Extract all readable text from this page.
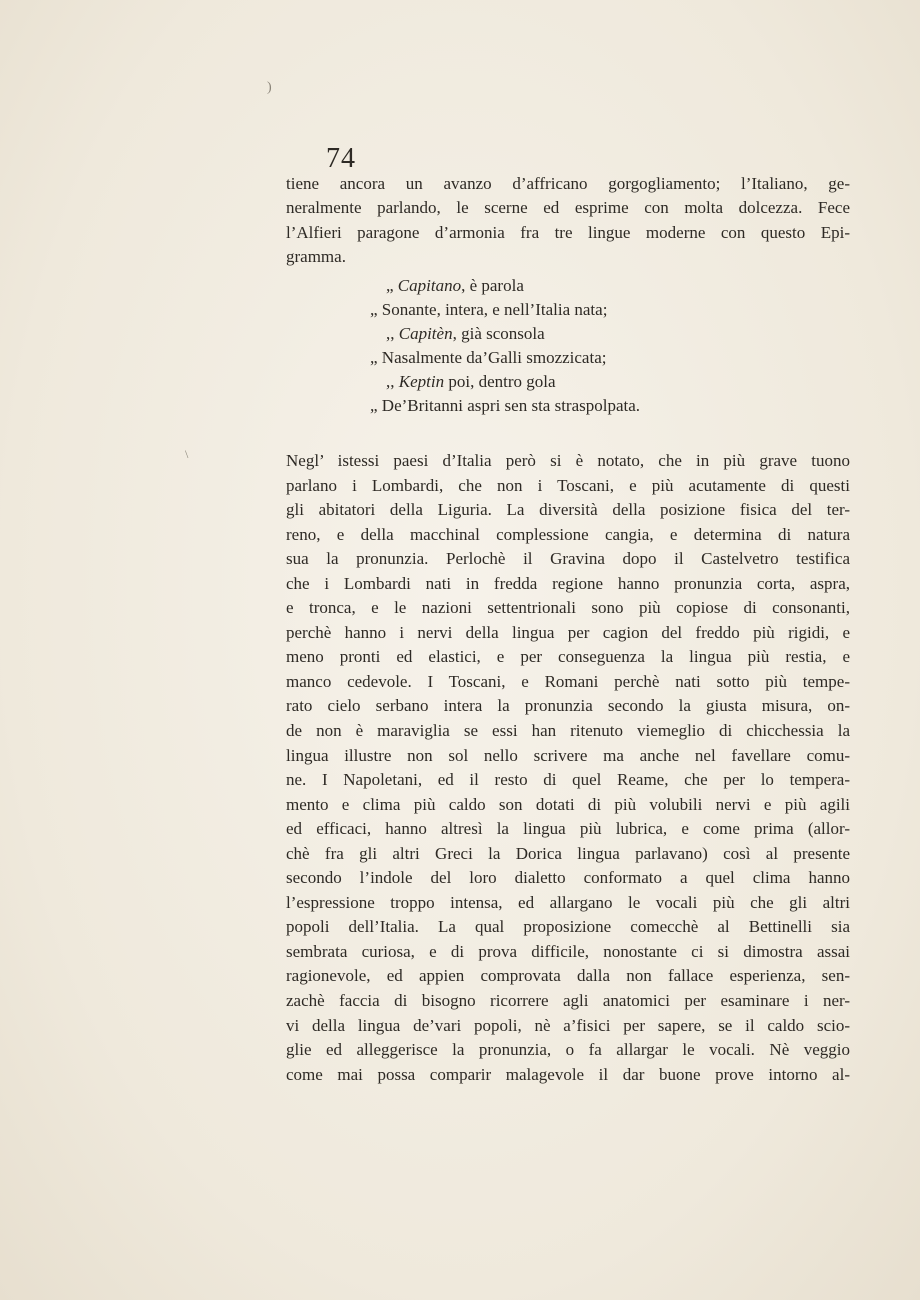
)
\
74
tiene ancora un avanzo d’affricano gorgogliamento; l’Italiano, ge-
neralmente parlando, le scerne ed esprime con molta dolcezza. Fece
l’Alfieri paragone d’armonia fra tre lingue moderne con questo Epi-
gramma.
„ Capitano, è parola
„ Sonante, intera, e nell’Italia nata;
,, Capitèn, già sconsola
„ Nasalmente da’Galli smozzicata;
,, Keptin poi, dentro gola
„ De’Britanni aspri sen sta straspolpata.
Negl’ istessi paesi d’Italia però si è notato, che in più grave tuono
parlano i Lombardi, che non i Toscani, e più acutamente di questi
gli abitatori della Liguria. La diversità della posizione fisica del ter-
reno, e della macchinal complessione cangia, e determina di natura
sua la pronunzia. Perlochè il Gravina dopo il Castelvetro testifica
che i Lombardi nati in fredda regione hanno pronunzia corta, aspra,
e tronca, e le nazioni settentrionali sono più copiose di consonanti,
perchè hanno i nervi della lingua per cagion del freddo più rigidi, e
meno pronti ed elastici, e per conseguenza la lingua più restia, e
manco cedevole. I Toscani, e Romani perchè nati sotto più tempe-
rato cielo serbano intera la pronunzia secondo la giusta misura, on-
de non è maraviglia se essi han ritenuto viemeglio di chicchessia la
lingua illustre non sol nello scrivere ma anche nel favellare comu-
ne. I Napoletani, ed il resto di quel Reame, che per lo tempera-
mento e clima più caldo son dotati di più volubili nervi e più agili
ed efficaci, hanno altresì la lingua più lubrica, e come prima (allor-
chè fra gli altri Greci la Dorica lingua parlavano) così al presente
secondo l’indole del loro dialetto conformato a quel clima hanno
l’espressione troppo intensa, ed allargano le vocali più che gli altri
popoli dell’Italia. La qual proposizione comecchè al Bettinelli sia
sembrata curiosa, e di prova difficile, nonostante ci si dimostra assai
ragionevole, ed appien comprovata dalla non fallace esperienza, sen-
zachè faccia di bisogno ricorrere agli anatomici per esaminare i ner-
vi della lingua de’vari popoli, nè a’fisici per sapere, se il caldo scio-
glie ed alleggerisce la pronunzia, o fa allargar le vocali. Nè veggio
come mai possa comparir malagevole il dar buone prove intorno al-
